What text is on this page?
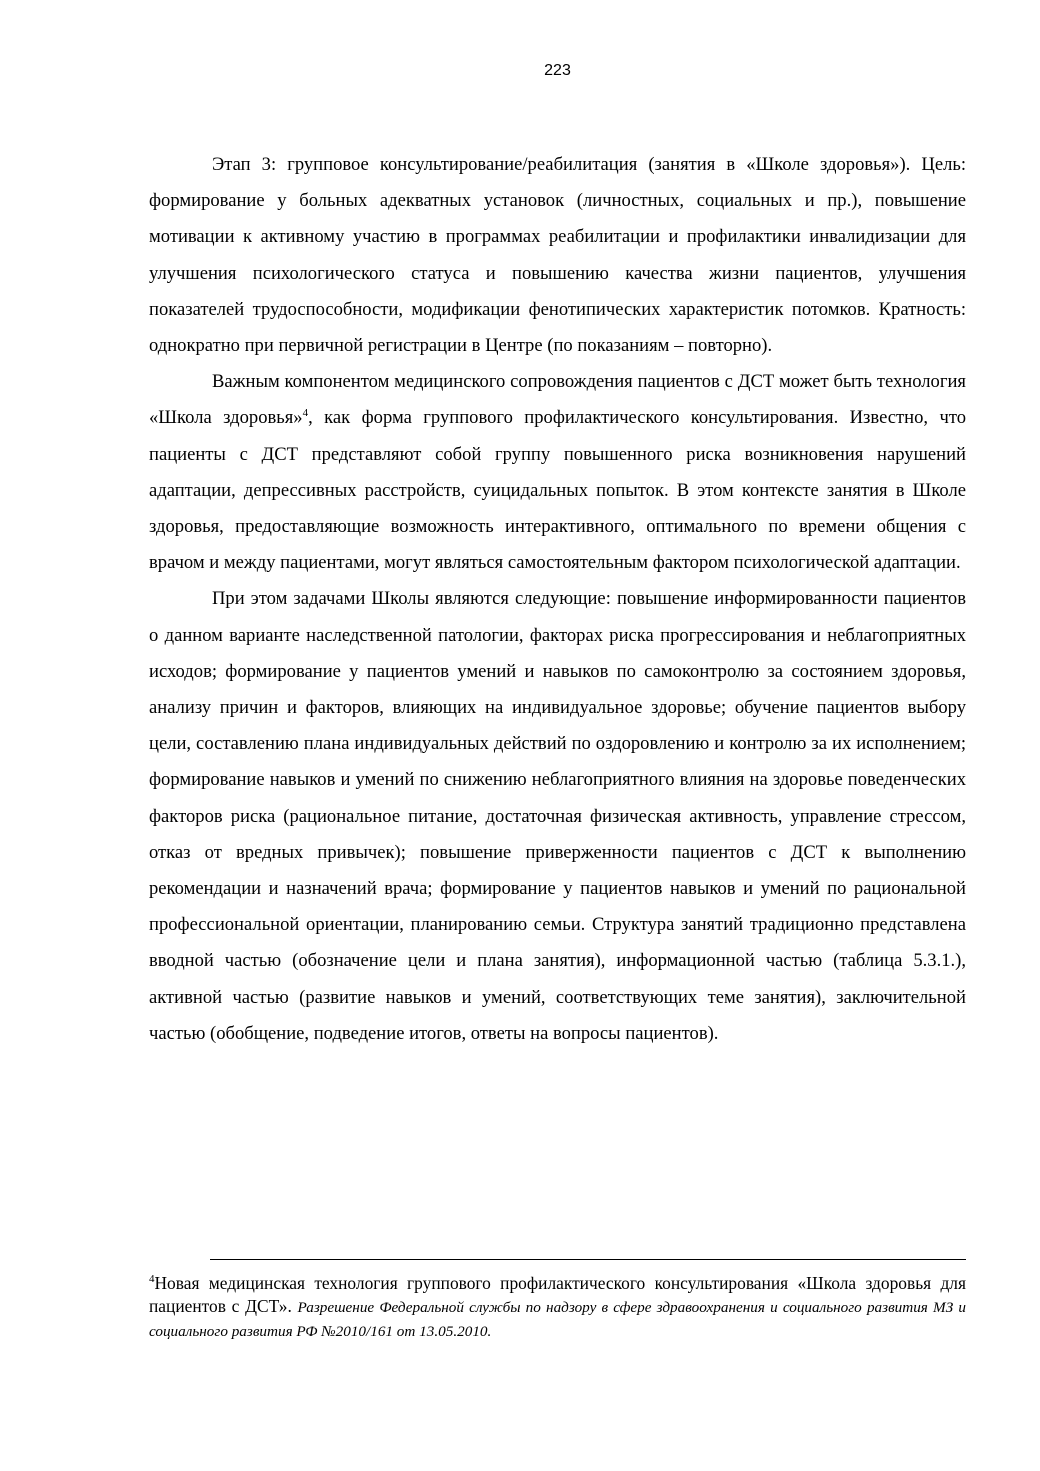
223

Этап 3: групповое консультирование/реабилитация (занятия в «Школе здоровья»). Цель: формирование у больных адекватных установок (личностных, социальных и пр.), повышение мотивации к активному участию в программах реабилитации и профилактики инвалидизации для улучшения психологического статуса и повышению качества жизни пациентов, улучшения показателей трудоспособности, модификации фенотипических характеристик потомков. Кратность: однократно при первичной регистрации в Центре (по показаниям – повторно).

Важным компонентом медицинского сопровождения пациентов с ДСТ может быть технология «Школа здоровья»$^4$, как форма группового профилактического консультирования. Известно, что пациенты с ДСТ представляют собой группу повышенного риска возникновения нарушений адаптации, депрессивных расстройств, суицидальных попыток. В этом контексте занятия в Школе здоровья, предоставляющие возможность интерактивного, оптимального по времени общения с врачом и между пациентами, могут являться самостоятельным фактором психологической адаптации.

При этом задачами Школы являются следующие: повышение информированности пациентов о данном варианте наследственной патологии, факторах риска прогрессирования и неблагоприятных исходов; формирование у пациентов умений и навыков по самоконтролю за состоянием здоровья, анализу причин и факторов, влияющих на индивидуальное здоровье; обучение пациентов выбору цели, составлению плана индивидуальных действий по оздоровлению и контролю за их исполнением; формирование навыков и умений по снижению неблагоприятного влияния на здоровье поведенческих факторов риска (рациональное питание, достаточная физическая активность, управление стрессом, отказ от вредных привычек); повышение приверженности пациентов с ДСТ к выполнению рекомендации и назначений врача; формирование у пациентов навыков и умений по рациональной профессиональной ориентации, планированию семьи. Структура занятий традиционно представлена вводной частью (обозначение цели и плана занятия), информационной частью (таблица 5.3.1.), активной частью (развитие навыков и умений, соответствующих теме занятия), заключительной частью (обобщение, подведение итогов, ответы на вопросы пациентов).

$^4$Новая медицинская технология группового профилактического консультирования «Школа здоровья для пациентов с ДСТ». Разрешение Федеральной службы по надзору в сфере здравоохранения и социального развития МЗ и социального развития РФ №2010/161 от 13.05.2010.
